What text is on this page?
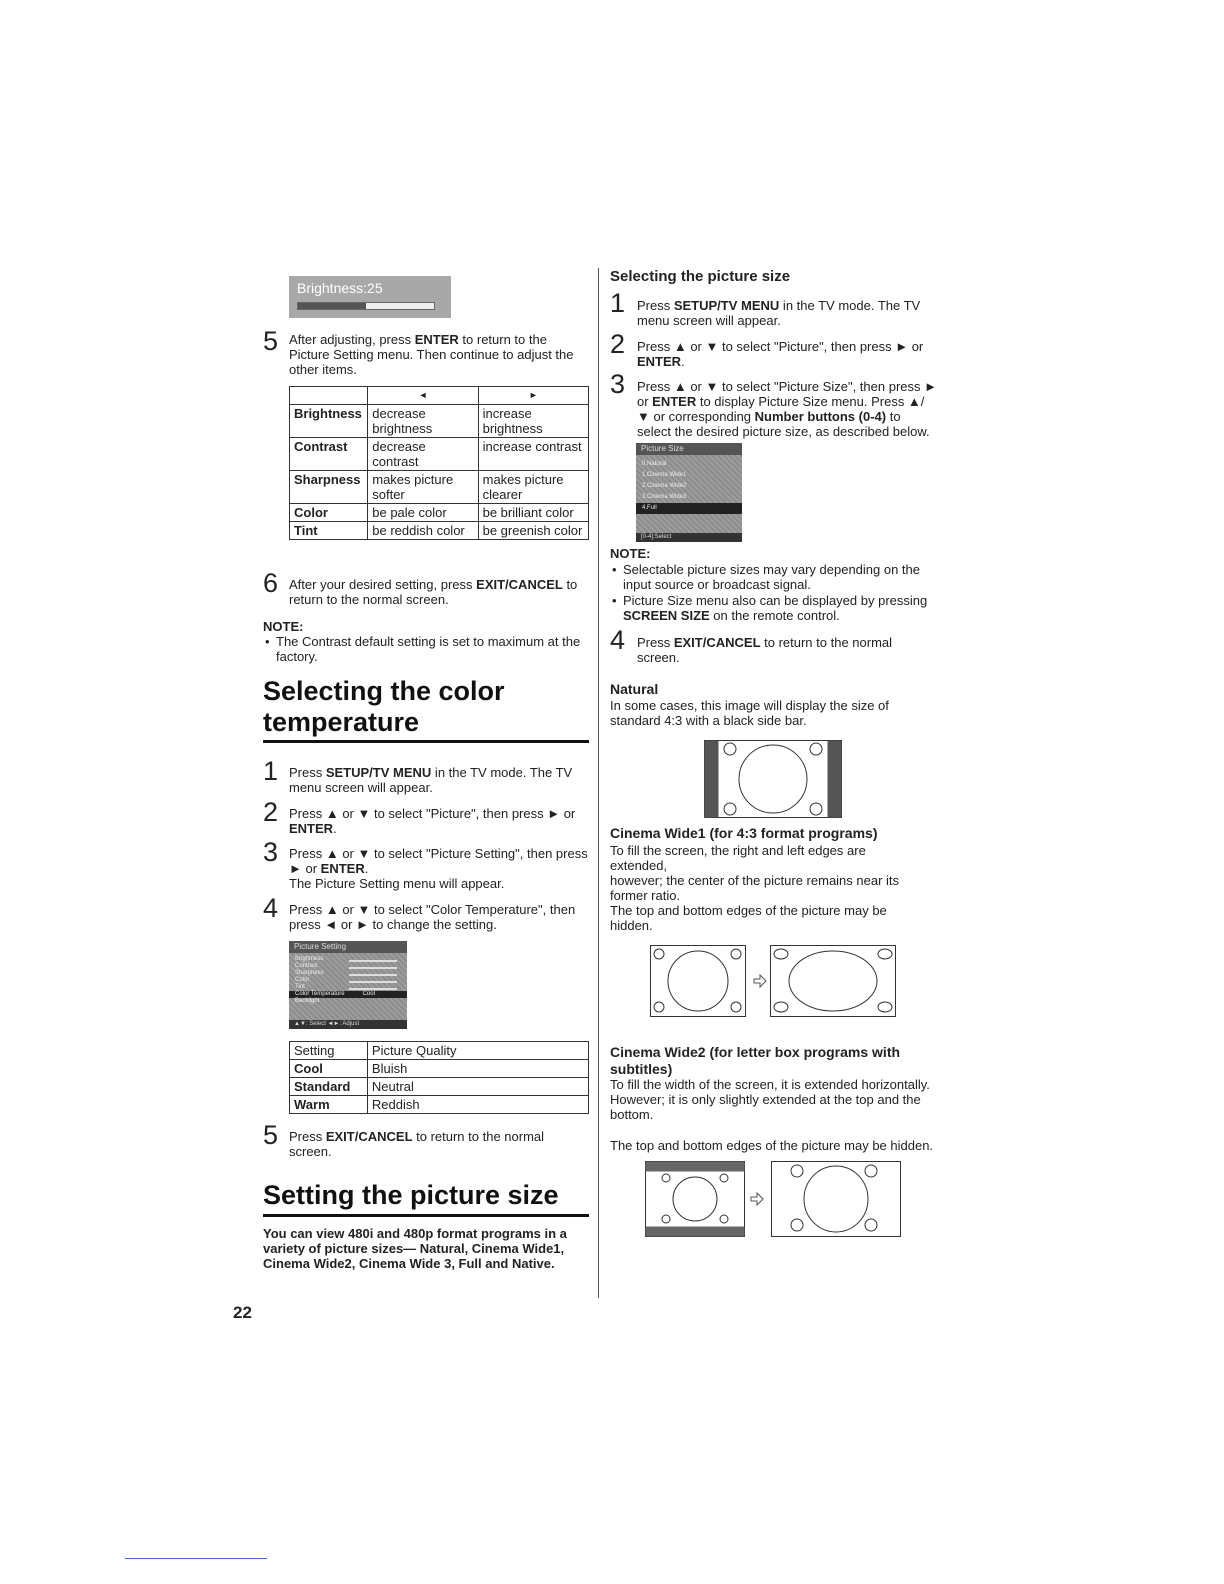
Brightness:25
5 After adjusting, press ENTER to return to the Picture Setting menu. Then continue to adjust the other items.
	◄	►
Brightness	decrease brightness	increase brightness
Contrast	decrease contrast	increase contrast
Sharpness	makes picture softer	makes picture clearer
Color	be pale color	be brilliant color
Tint	be reddish color	be greenish color
6 After your desired setting, press EXIT/CANCEL to return to the normal screen.
NOTE:
• The Contrast default setting is set to maximum at the factory.
Selecting the color temperature
1 Press SETUP/TV MENU in the TV mode. The TV menu screen will appear.
2 Press ▲ or ▼ to select "Picture", then press ► or ENTER.
3 Press ▲ or ▼ to select "Picture Setting", then press ► or ENTER.
The Picture Setting menu will appear.
4 Press ▲ or ▼ to select "Color Temperature", then press ◄ or ► to change the setting.
Picture Setting
Brightness
Contrast
Sharpness
Color
Tint
Color Temperature	Cool
Backlight
▲▼: Select ◄►: Adjust
Setting	Picture Quality
Cool	Bluish
Standard	Neutral
Warm	Reddish
5 Press EXIT/CANCEL to return to the normal screen.
Setting the picture size
You can view 480i and 480p format programs in a variety of picture sizes— Natural, Cinema Wide1, Cinema Wide2, Cinema Wide 3, Full and Native.
22
Selecting the picture size
1 Press SETUP/TV MENU in the TV mode. The TV menu screen will appear.
2 Press ▲ or ▼ to select "Picture", then press ► or ENTER.
3 Press ▲ or ▼ to select "Picture Size", then press ► or ENTER to display Picture Size menu. Press ▲/▼ or corresponding Number buttons (0-4) to select the desired picture size, as described below.
Picture Size
0.Natural
1.Cinema Wide1
2.Cinema Wide2
3.Cinema Wide3
4.Full
[0-4]:Select
NOTE:
• Selectable picture sizes may vary depending on the input source or broadcast signal.
• Picture Size menu also can be displayed by pressing SCREEN SIZE on the remote control.
4 Press EXIT/CANCEL to return to the normal screen.
Natural
In some cases, this image will display the size of standard 4:3 with a black side bar.
Cinema Wide1 (for 4:3 format programs)
To fill the screen, the right and left edges are extended,
however; the center of the picture remains near its former ratio.
The top and bottom edges of the picture may be hidden.
Cinema Wide2 (for letter box programs with subtitles)
To fill the width of the screen, it is extended horizontally. However; it is only slightly extended at the top and the bottom.
The top and bottom edges of the picture may be hidden.
